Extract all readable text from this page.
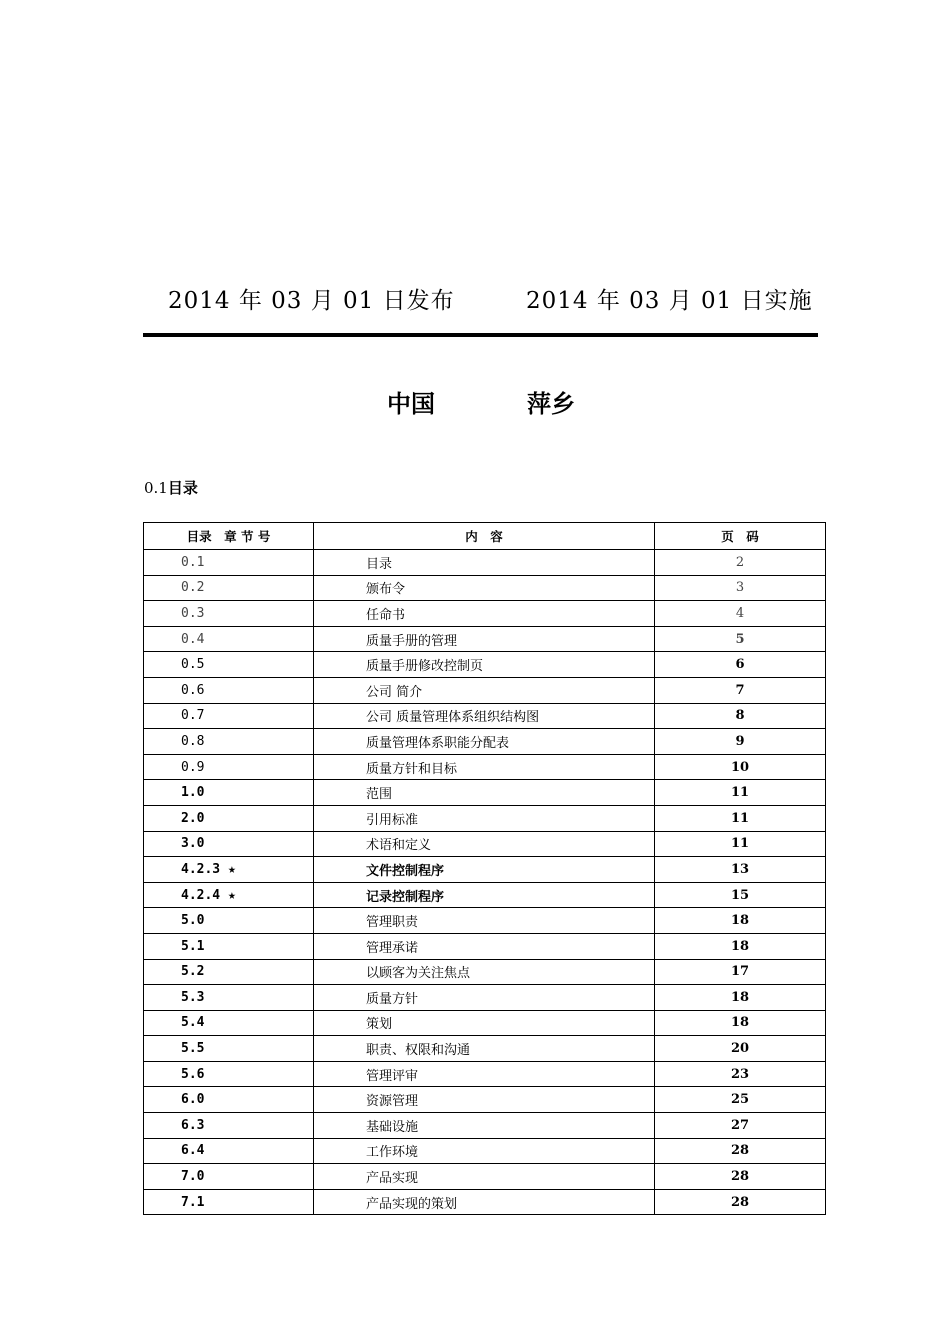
2014 年 03 月 01 日发布	2014 年 03 月 01 日实施
中国	萍乡
0.1目录
目录　章 节 号	内　容	页　码
0.1	目录	2
0.2	颁布令	3
0.3	任命书	4
0.4	质量手册的管理	5
0.5	质量手册修改控制页	6
0.6	公司 简介	7
0.7	公司 质量管理体系组织结构图	8
0.8	质量管理体系职能分配表	9
0.9	质量方针和目标	10
1.0	范围	11
2.0	引用标准	11
3.0	术语和定义	11
4.2.3 ★	文件控制程序	13
4.2.4 ★	记录控制程序	15
5.0	管理职责	18
5.1	管理承诺	18
5.2	以顾客为关注焦点	17
5.3	质量方针	18
5.4	策划	18
5.5	职责、权限和沟通	20
5.6	管理评审	23
6.0	资源管理	25
6.3	基础设施	27
6.4	工作环境	28
7.0	产品实现	28
7.1	产品实现的策划	28
